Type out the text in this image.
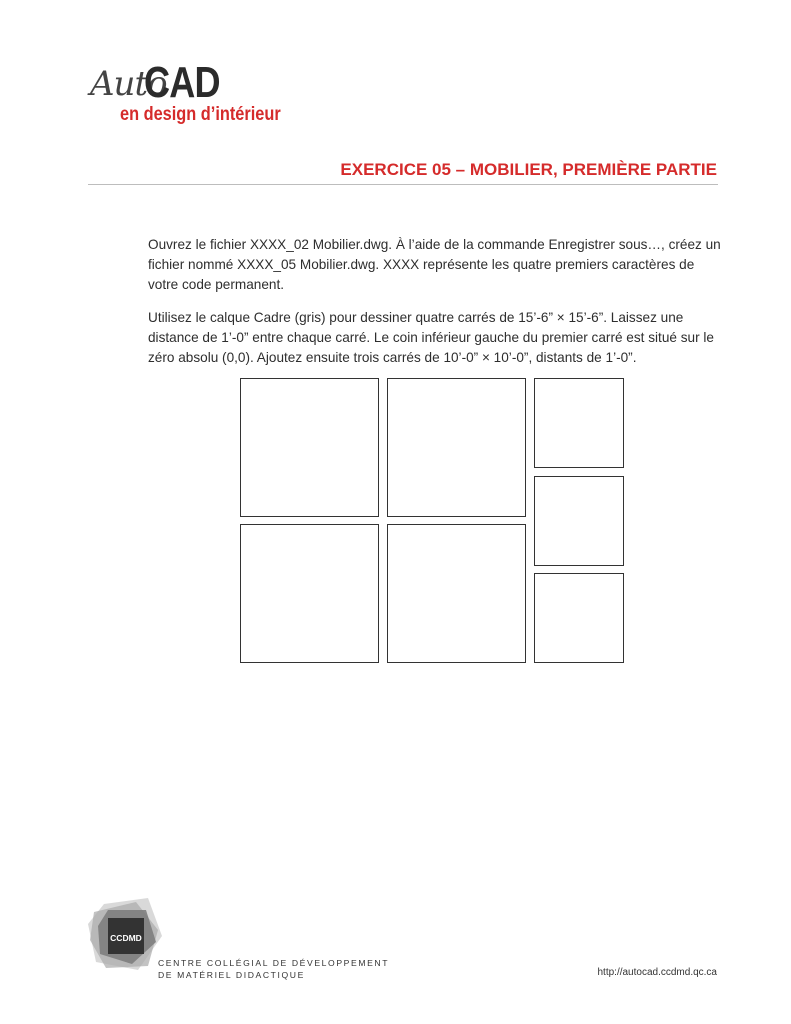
Auto
CAD
en design d’intérieur
EXERCICE 05 – MOBILIER, PREMIÈRE PARTIE

Ouvrez le fichier XXXX_02 Mobilier.dwg. À l’aide de la commande Enregistrer sous…, créez un fichier nommé XXXX_05 Mobilier.dwg. XXXX représente les quatre premiers caractères de votre code permanent.

Utilisez le calque Cadre (gris) pour dessiner quatre carrés de 15’-6” × 15’-6”. Laissez une distance de 1’-0” entre chaque carré. Le coin inférieur gauche du premier carré est situé sur le zéro absolu (0,0). Ajoutez ensuite trois carrés de 10’-0” × 10’-0”, distants de 1’-0”.

CCDMD
CENTRE COLLÉGIAL DE DÉVELOPPEMENT
DE MATÉRIEL DIDACTIQUE	http://autocad.ccdmd.qc.ca
